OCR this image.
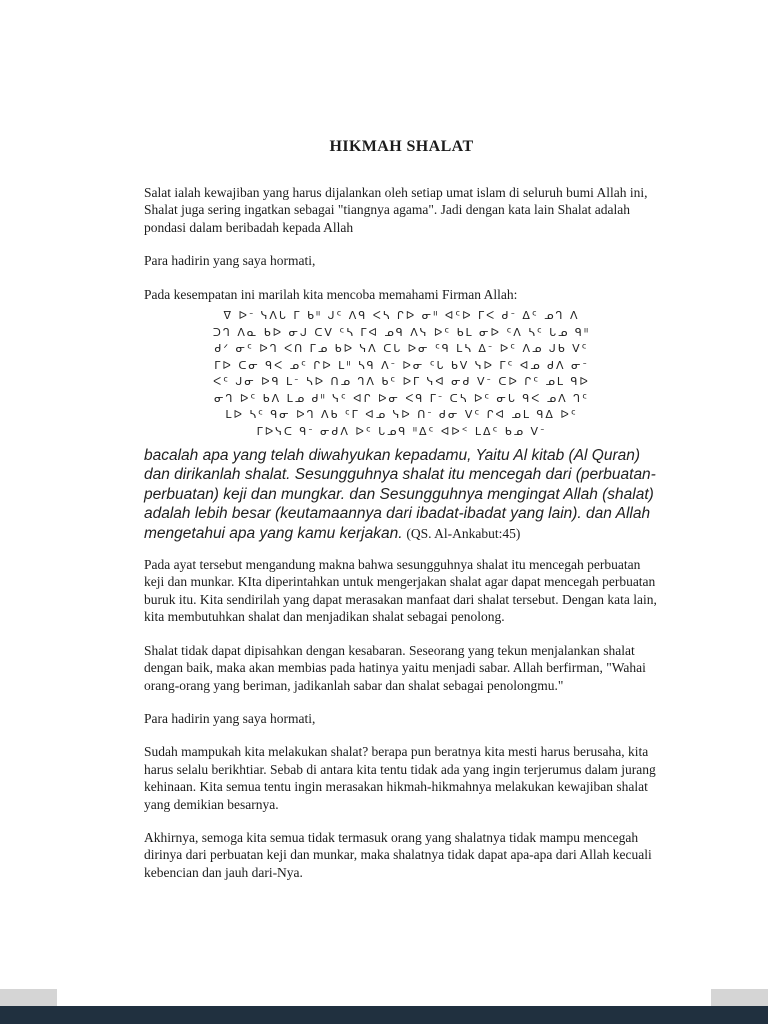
HIKMAH SHALAT

Salat ialah kewajiban yang harus dijalankan oleh setiap umat islam di seluruh bumi Allah ini, Shalat juga sering ingatkan sebagai "tiangnya agama". Jadi dengan kata lain Shalat adalah pondasi dalam beribadah kepada Allah

Para hadirin yang saya hormati,

Pada kesempatan ini marilah kita mencoba memahami Firman Allah:

ᐁ ᐅᐨ ᓭᐱᒐ ᒥ ᑲᐦ ᒍᑦ ᐱᑫ ᐸᓴ ᒋᐅ ᓂᐦ ᐊᑦᐅ ᒥᐸ ᑯᐨ ᐃᑦ ᓄᒉ ᐱ
ᑐᒉ ᐱᓇ ᑲᐅ ᓂᒍ ᑕᐯ ᑦᓴ ᒥᐊ ᓄᑫ ᐱᓭ ᐅᑦ ᑲᒪ ᓂᐅ ᑦᐱ ᓴᑦ ᒐᓄ ᑫᐦ
ᑯᐟ ᓂᑦ ᐅᒉ ᐸᑎ ᒥᓄ ᑲᐅ ᓭᐱ ᑕᒐ ᐅᓂ ᑦᑫ ᒪᓴ ᐃᐨ ᐅᑦ ᐱᓄ ᒍᑲ ᐯᑦ
ᒥᐅ ᑕᓂ ᑫᐸ ᓄᑦ ᒋᐅ ᒪᐦ ᓴᑫ ᐱᐨ ᐅᓂ ᑦᒐ ᑲᐯ ᓭᐅ ᒥᑦ ᐊᓄ ᑯᐱ ᓂᐨ
ᐸᑦ ᒍᓂ ᐅᑫ ᒪᐨ ᓴᐅ ᑎᓄ ᒉᐱ ᑲᑦ ᐅᒥ ᓭᐊ ᓂᑯ ᐯᐨ ᑕᐅ ᒋᑦ ᓄᒪ ᑫᐅ
ᓂᒉ ᐅᑦ ᑲᐱ ᒪᓄ ᑯᐦ ᓭᑦ ᐊᒋ ᐅᓂ ᐸᑫ ᒥᐨ ᑕᓴ ᐅᑦ ᓂᒐ ᑫᐸ ᓄᐱ ᒉᑦ
ᒪᐅ ᓴᑦ ᑫᓂ ᐅᒉ ᐱᑲ ᑦᒥ ᐊᓄ ᓭᐅ ᑎᐨ ᑯᓂ ᐯᑦ ᒋᐊ ᓄᒪ ᑫᐃ ᐅᑦ
ᒥᐅᓭᑕ ᑫᐨ ᓂᑯᐱ ᐅᑦ ᒐᓄᑫ ᐦᐃᑦ ᐊᐅᑉ ᒪᐃᑦ ᑲᓄ ᐯᐨ

bacalah apa yang telah diwahyukan kepadamu, Yaitu Al kitab (Al Quran) dan dirikanlah shalat. Sesungguhnya shalat itu mencegah dari (perbuatan- perbuatan) keji dan mungkar. dan Sesungguhnya mengingat Allah (shalat) adalah lebih besar (keutamaannya dari ibadat-ibadat yang lain). dan Allah mengetahui apa yang kamu kerjakan. (QS. Al-Ankabut:45)

Pada ayat tersebut mengandung makna bahwa sesungguhnya shalat itu mencegah perbuatan keji dan munkar. KIta diperintahkan untuk mengerjakan shalat agar dapat mencegah perbuatan buruk itu. Kita sendirilah yang dapat merasakan manfaat dari shalat tersebut. Dengan kata lain, kita membutuhkan shalat dan menjadikan shalat sebagai penolong.

Shalat tidak dapat dipisahkan dengan kesabaran. Seseorang yang tekun menjalankan shalat dengan baik, maka akan membias pada hatinya yaitu menjadi sabar. Allah berfirman, "Wahai orang-orang yang beriman, jadikanlah sabar dan shalat sebagai penolongmu."

Para hadirin yang saya hormati,

Sudah mampukah kita melakukan shalat? berapa pun beratnya kita mesti harus berusaha, kita harus selalu berikhtiar. Sebab di antara kita tentu tidak ada yang ingin terjerumus dalam jurang kehinaan. Kita semua tentu ingin merasakan hikmah-hikmahnya melakukan kewajiban shalat yang demikian besarnya.

Akhirnya, semoga kita semua tidak termasuk orang yang shalatnya tidak mampu mencegah dirinya dari perbuatan keji dan munkar, maka shalatnya tidak dapat apa-apa dari Allah kecuali kebencian dan jauh dari-Nya.
